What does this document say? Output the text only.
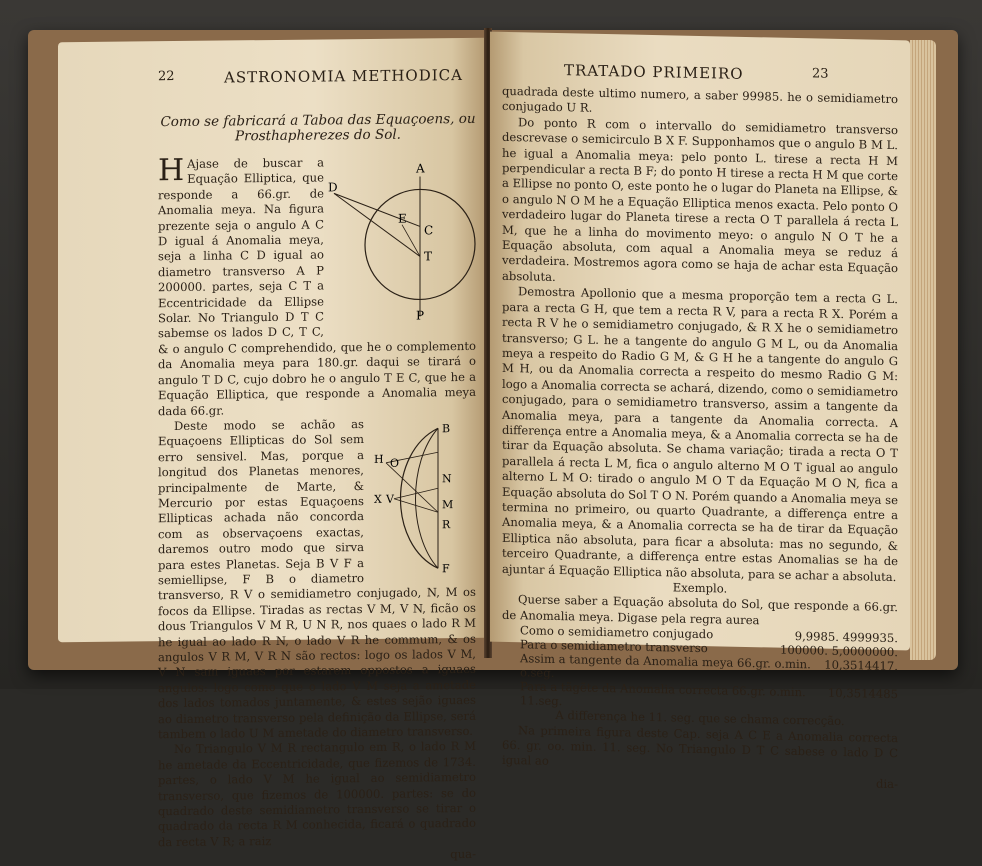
22	ASTRONOMIA METHODICA

Como se fabricará a Taboa das Equaçoens, ou

Prosthapherezes do Sol.

D
A
E
C
T
P

H Ajase de buscar a Equação Elliptica, que responde a 66.gr. de Anomalia meya. Na figura prezente seja o angulo A C D igual á Anomalia meya, seja a linha C D igual ao diametro transverso A P 200000. partes, seja C T a Eccentricidade da Ellipse Solar. No Triangulo D T C sabemse os lados D C, T C, & o angulo C comprehendido, que he o complemento da Anomalia meya para 180.gr. daqui se tirará o angulo T D C, cujo dobro he o angulo T E C, que he a Equação Elliptica, que responde a Anomalia meya dada 66.gr.

B
H O
N
X V	M
R
F
Deste modo se achão as Equaçoens Ellipticas do Sol sem erro sensivel. Mas, porque a longitud dos Planetas menores, principalmente de Marte, & Mercurio por estas Equaçoens Ellipticas achada não concorda com as observaçoens exactas, daremos outro modo que sirva para estes Planetas. Seja B V F a semiellipse, F B o diametro transverso, R V o semidiametro conjugado, N, M os focos da Ellipse. Tiradas as rectas V M, V N, ficão os dous Triangulos V M R, U N R, nos quaes o lado R M he igual ao lado R N, o lado V R he commum, & os angulos V R M, V R N são rectos: logo os lados V M, V N sam iguaes por estarem oppostos a iguaes angulos: logo como que o lado V M seja a ametade dos lados tomados juntamente, & estes sejão iguaes ao diametro transverso pela definição da Ellipse, será tambem o lado U M ametade do diametro transverso.

No Triangulo V M R rectangulo em R, o lado R M he ametade da Eccentricidade, que fizemos de 1734. partes, o lado V M he igual ao semidiametro transverso, que fizemos de 100000. partes: se do quadrado deste semidiametro transverso se tirar o quadrado da recta R M conhecida, ficará o quadrado da recta V R; a raiz

qua-
TRATADO PRIMEIRO	23

quadrada deste ultimo numero, a saber 99985. he o semidiametro conjugado U R.

Do ponto R com o intervallo do semidiametro transverso descrevase o semicirculo B X F. Supponhamos que o angulo B M L. he igual a Anomalia meya: pelo ponto L. tirese a recta H M perpendicular a recta B F; do ponto H tirese a recta H M que corte a Ellipse no ponto O, este ponto he o lugar do Planeta na Ellipse, & o angulo N O M he a Equação Elliptica menos exacta. Pelo ponto O verdadeiro lugar do Planeta tirese a recta O T parallela á recta L M, que he a linha do movimento meyo: o angulo N O T he a Equação absoluta, com aqual a Anomalia meya se reduz á verdadeira. Mostremos agora como se haja de achar esta Equação absoluta.

Demostra Apollonio que a mesma proporção tem a recta G L. para a recta G H, que tem a recta R V, para a recta R X. Porém a recta R V he o semidiametro conjugado, & R X he o semidiametro transverso; G L. he a tangente do angulo G M L, ou da Anomalia meya a respeito do Radio G M, & G H he a tangente do angulo G M H, ou da Anomalia correcta a respeito do mesmo Radio G M: logo a Anomalia correcta se achará, dizendo, como o semidiametro conjugado, para o semidiametro transverso, assim a tangente da Anomalia meya, para a tangente da Anomalia correcta. A differença entre a Anomalia meya, & a Anomalia correcta se ha de tirar da Equação absoluta. Se chama variação; tirada a recta O T parallela á recta L M, fica o angulo alterno M O T igual ao angulo alterno L M O: tirado o angulo M O T da Equação M O N, fica a Equação absoluta do Sol T O N. Porém quando a Anomalia meya se termina no primeiro, ou quarto Quadrante, a differença entre a Anomalia meya, & a Anomalia correcta se ha de tirar da Equação Elliptica não absoluta, para ficar a absoluta: mas no segundo, & terceiro Quadrante, a differença entre estas Anomalias se ha de ajuntar á Equação Elliptica não absoluta, para se achar a absoluta.

Exemplo.

Querse saber a Equação absoluta do Sol, que responde a 66.gr. de Anomalia meya. Digase pela regra aurea

Como o semidiametro conjugado	9,9985. 4999935.
Para o semidiametro transverso	100000. 5,0000000.
Assim a tangente da Anomalia meya 66.gr. o.min. o.seg.	10,3514417.
Para a tãgẽte da Anomalia correcta 66.gr. o.min. 11.seg.	10,3514485

A differença he 11. seg. que se chama correcção.

Na primeira figura deste Cap. seja A C E a Anomalia correcta 66. gr. oo. min. 11. seg. No Triangulo D T C sabese o lado D C igual ao

dia-
